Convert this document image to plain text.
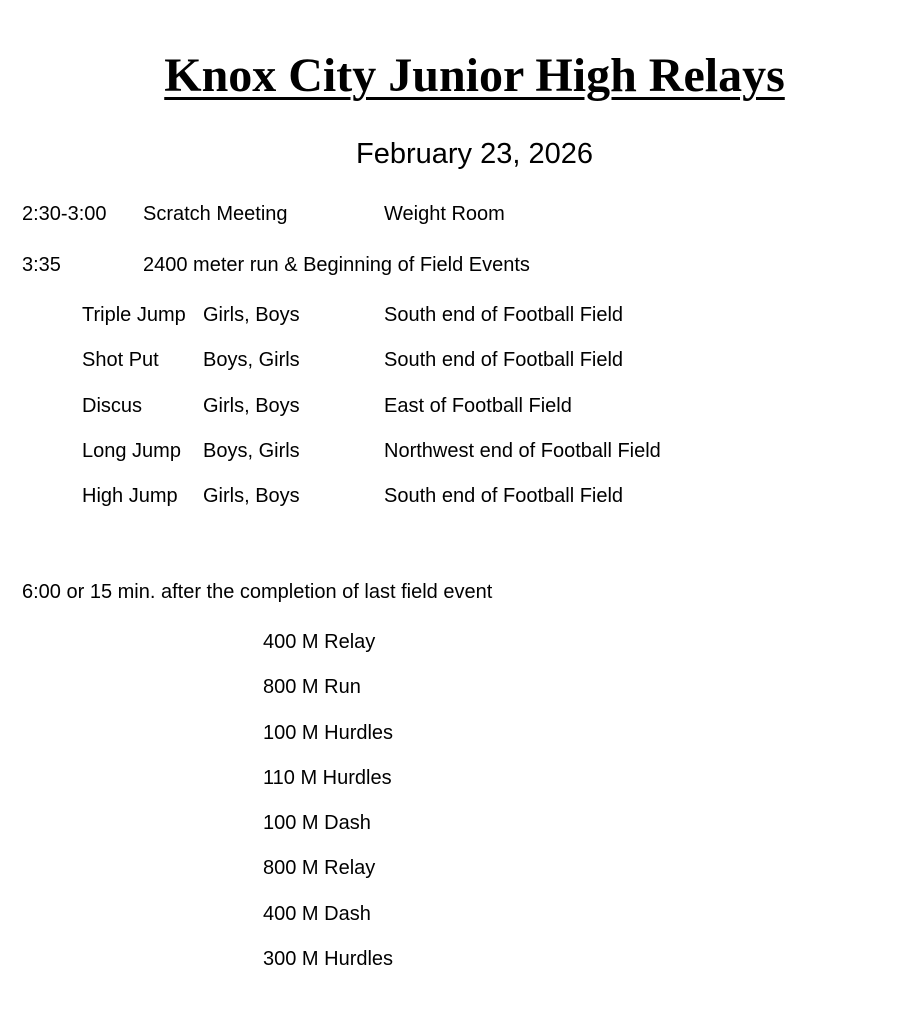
Knox City Junior High Relays
February 23, 2026
2:30-3:00 Scratch Meeting	Weight Room
3:35	2400 meter run & Beginning of Field Events
Triple Jump Girls, Boys	South end of Football Field
Shot Put Boys, Girls	South end of Football Field
Discus	Girls, Boys	East of Football Field
Long Jump Boys, Girls	Northwest end of Football Field
High Jump Girls, Boys	South end of Football Field
6:00 or 15 min. after the completion of last field event
400 M Relay
800 M Run
100 M Hurdles
110 M Hurdles
100 M Dash
800 M Relay
400 M Dash
300 M Hurdles
